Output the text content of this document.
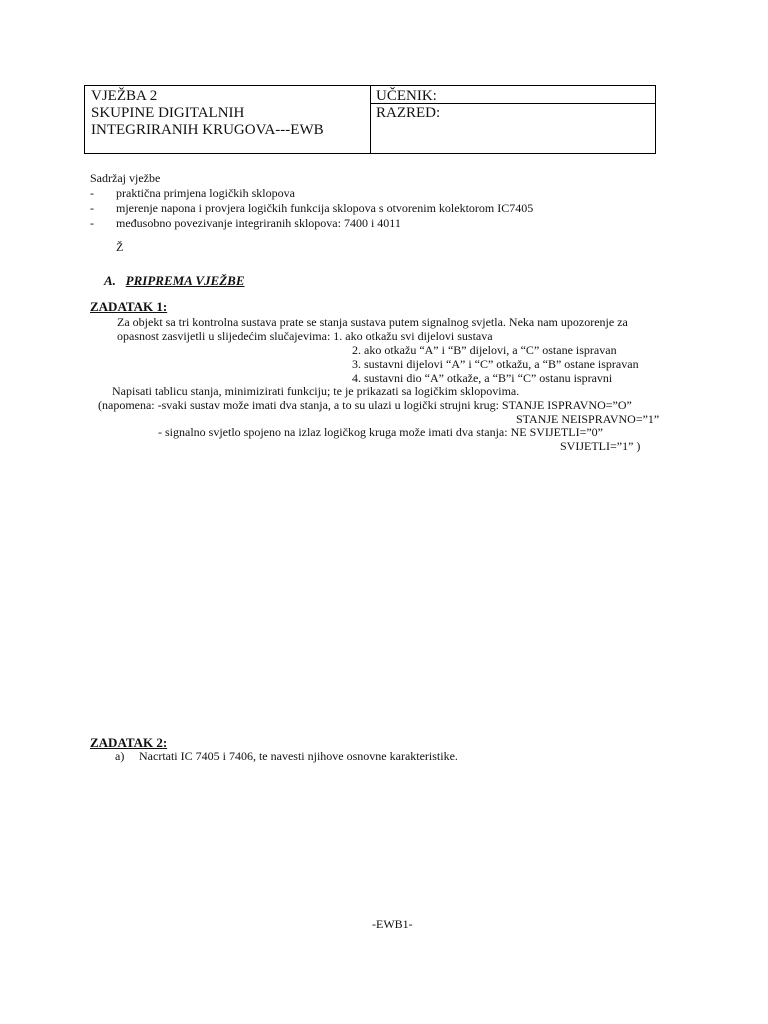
VJEŽBA 2
SKUPINE DIGITALNIH
INTEGRIRANIH KRUGOVA---EWB
UČENIK:
RAZRED:
Sadržaj vježbe
- praktična primjena logičkih sklopova
- mjerenje napona i provjera logičkih funkcija sklopova s otvorenim kolektorom IC7405
- međusobno povezivanje integriranih sklopova: 7400 i 4011
Ž
A. PRIPREMA VJEŽBE
ZADATAK 1:
Za objekt sa tri kontrolna sustava prate se stanja sustava putem signalnog svjetla. Neka nam upozorenje za
opasnost zasvijetli u slijedećim slučajevima: 1. ako otkažu svi dijelovi sustava
2. ako otkažu “A” i “B” dijelovi, a “C” ostane ispravan
3. sustavni dijelovi “A” i “C” otkažu, a “B” ostane ispravan
4. sustavni dio “A” otkaže, a “B”i “C” ostanu ispravni
Napisati tablicu stanja, minimizirati funkciju; te je prikazati sa logičkim sklopovima.
(napomena: -svaki sustav može imati dva stanja, a to su ulazi u logički strujni krug: STANJE ISPRAVNO=”O”
STANJE NEISPRAVNO=”1”
- signalno svjetlo spojeno na izlaz logičkog kruga može imati dva stanja: NE SVIJETLI=”0”
SVIJETLI=”1” )
ZADATAK 2:
a) Nacrtati IC 7405 i 7406, te navesti njihove osnovne karakteristike.
-EWB1-
